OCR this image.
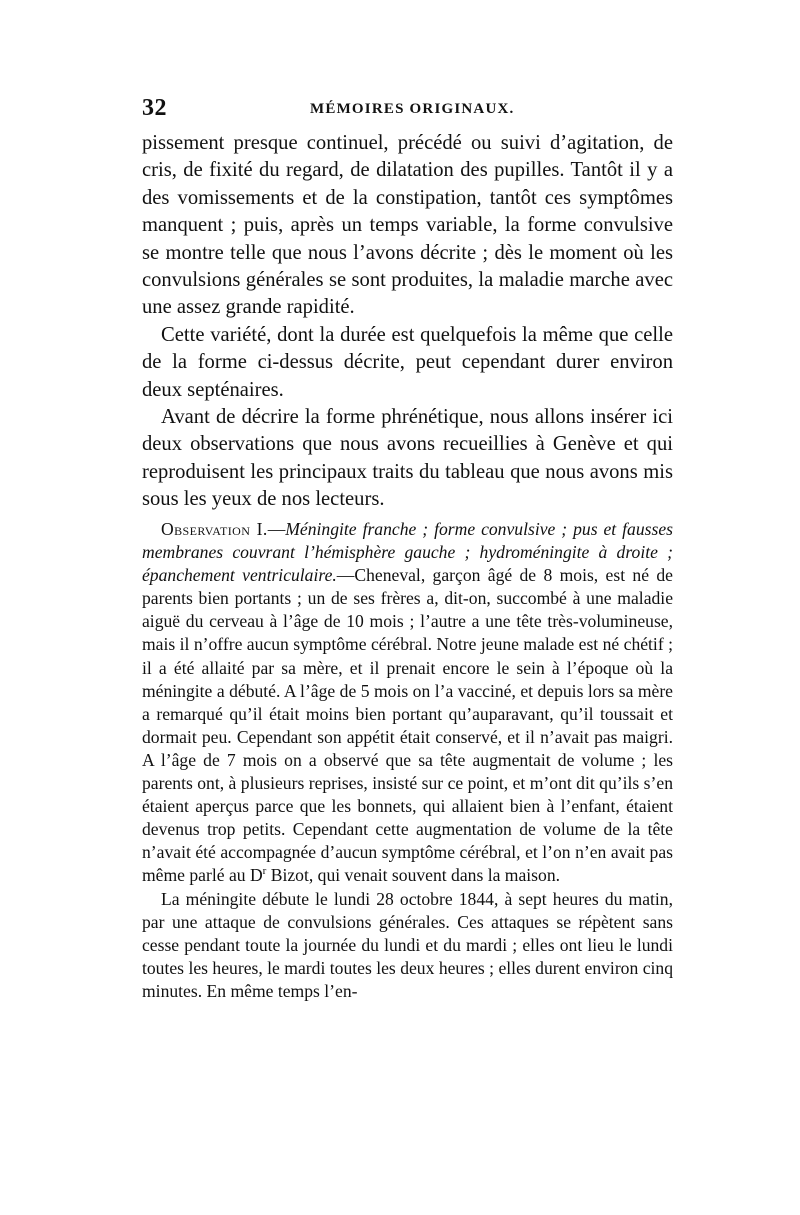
32	MÉMOIRES ORIGINAUX.

pissement presque continuel, précédé ou suivi d’agitation, de cris, de fixité du regard, de dilatation des pupilles. Tantôt il y a des vomissements et de la constipation, tantôt ces symptômes manquent ; puis, après un temps variable, la forme convulsive se montre telle que nous l’avons décrite ; dès le moment où les convulsions générales se sont produites, la maladie marche avec une assez grande rapidité.

Cette variété, dont la durée est quelquefois la même que celle de la forme ci-dessus décrite, peut cependant durer environ deux septénaires.

Avant de décrire la forme phrénétique, nous allons insérer ici deux observations que nous avons recueillies à Genève et qui reproduisent les principaux traits du tableau que nous avons mis sous les yeux de nos lecteurs.

Observation I.—Méningite franche ; forme convulsive ; pus et fausses membranes couvrant l’hémisphère gauche ; hydroméningite à droite ; épanchement ventriculaire.—Cheneval, garçon âgé de 8 mois, est né de parents bien portants ; un de ses frères a, dit-on, succombé à une maladie aiguë du cerveau à l’âge de 10 mois ; l’autre a une tête très-volumineuse, mais il n’offre aucun symptôme cérébral. Notre jeune malade est né chétif ; il a été allaité par sa mère, et il prenait encore le sein à l’époque où la méningite a débuté. A l’âge de 5 mois on l’a vacciné, et depuis lors sa mère a remarqué qu’il était moins bien portant qu’auparavant, qu’il toussait et dormait peu. Cependant son appétit était conservé, et il n’avait pas maigri. A l’âge de 7 mois on a observé que sa tête augmentait de volume ; les parents ont, à plusieurs reprises, insisté sur ce point, et m’ont dit qu’ils s’en étaient aperçus parce que les bonnets, qui allaient bien à l’enfant, étaient devenus trop petits. Cependant cette augmentation de volume de la tête n’avait été accompagnée d’aucun symptôme cérébral, et l’on n’en avait pas même parlé au $D^r$ Bizot, qui venait souvent dans la maison.

La méningite débute le lundi 28 octobre 1844, à sept heures du matin, par une attaque de convulsions générales. Ces attaques se répètent sans cesse pendant toute la journée du lundi et du mardi ; elles ont lieu le lundi toutes les heures, le mardi toutes les deux heures ; elles durent environ cinq minutes. En même temps l’en-
